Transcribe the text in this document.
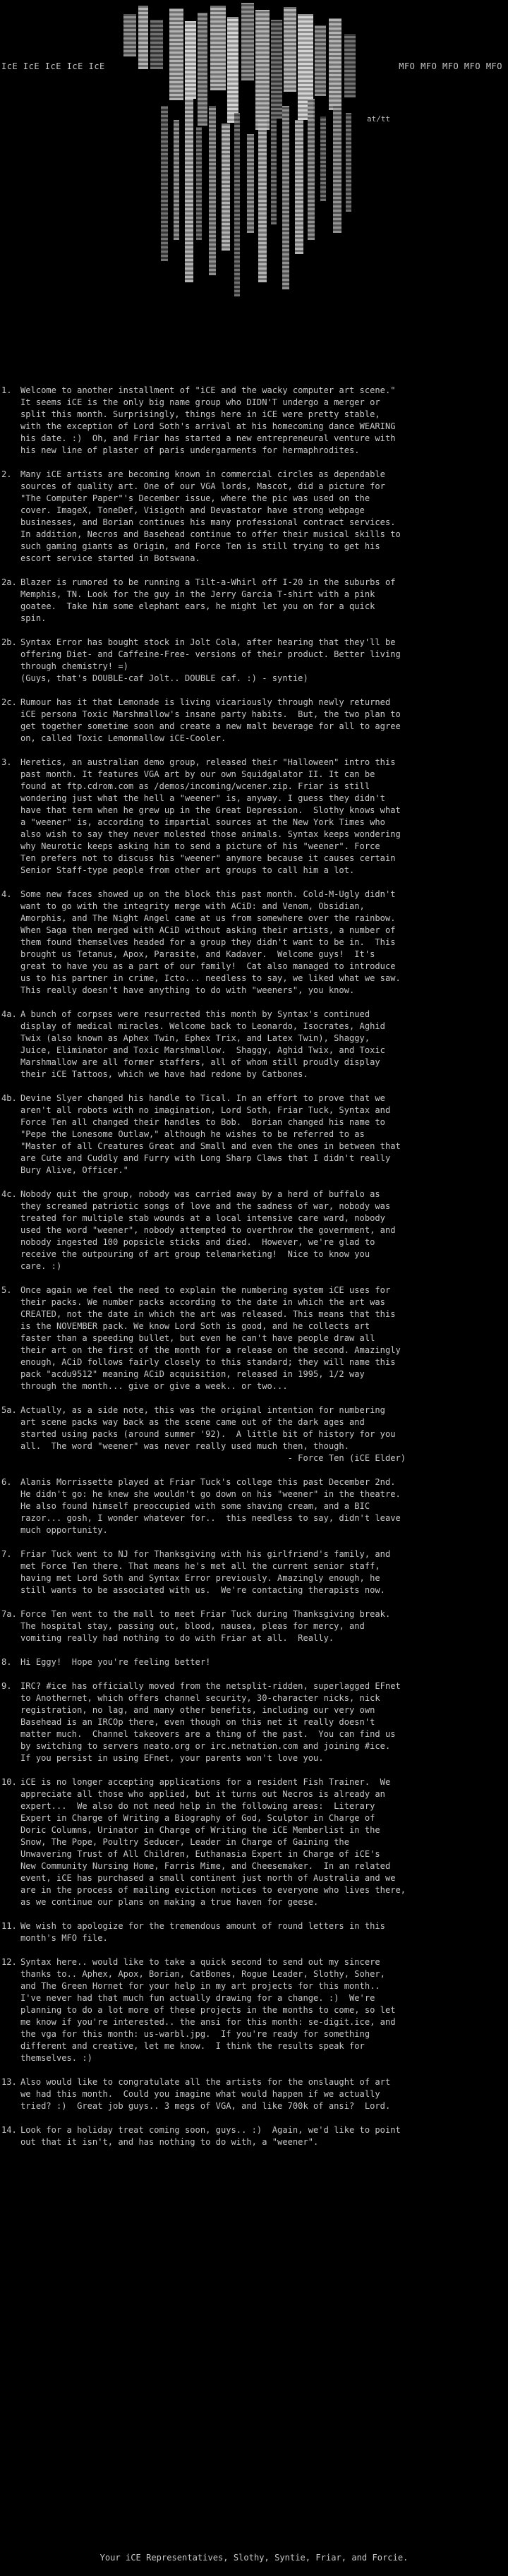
IcE IcE IcE IcE IcE	MFO MFO MFO MFO MFO
at/tt
1.	Welcome to another installment of "iCE and the wacky computer art scene."
It seems iCE is the only big name group who DIDN'T undergo a merger or
split this month. Surprisingly, things here in iCE were pretty stable,
with the exception of Lord Soth's arrival at his homecoming dance WEARING
his date. :)  Oh, and Friar has started a new entrepreneural venture with
his new line of plaster of paris undergarments for hermaphrodites.
2.	Many iCE artists are becoming known in commercial circles as dependable
sources of quality art. One of our VGA lords, Mascot, did a picture for
"The Computer Paper"'s December issue, where the pic was used on the
cover. ImageX, ToneDef, Visigoth and Devastator have strong webpage
businesses, and Borian continues his many professional contract services.
In addition, Necros and Basehead continue to offer their musical skills to
such gaming giants as Origin, and Force Ten is still trying to get his
escort service started in Botswana.
2a. Blazer is rumored to be running a Tilt-a-Whirl off I-20 in the suburbs of
Memphis, TN. Look for the guy in the Jerry Garcia T-shirt with a pink
goatee.  Take him some elephant ears, he might let you on for a quick
spin.
2b. Syntax Error has bought stock in Jolt Cola, after hearing that they'll be
offering Diet- and Caffeine-Free- versions of their product. Better living
through chemistry! =)
(Guys, that's DOUBLE-caf Jolt.. DOUBLE caf. :) - syntie)
2c. Rumour has it that Lemonade is living vicariously through newly returned
iCE persona Toxic Marshmallow's insane party habits.  But, the two plan to
get together sometime soon and create a new malt beverage for all to agree
on, called Toxic Lemonmallow iCE-Cooler.
3.	Heretics, an australian demo group, released their "Halloween" intro this
past month. It features VGA art by our own Squidgalator II. It can be
found at ftp.cdrom.com as /demos/incoming/wcener.zip. Friar is still
wondering just what the hell a "weener" is, anyway. I guess they didn't
have that term when he grew up in the Great Depression.  Slothy knows what
a "weener" is, according to impartial sources at the New York Times who
also wish to say they never molested those animals. Syntax keeps wondering
why Neurotic keeps asking him to send a picture of his "weener". Force
Ten prefers not to discuss his "weener" anymore because it causes certain
Senior Staff-type people from other art groups to call him a lot.
4.	Some new faces showed up on the block this past month. Cold-M-Ugly didn't
want to go with the integrity merge with ACiD: and Venom, Obsidian,
Amorphis, and The Night Angel came at us from somewhere over the rainbow.
When Saga then merged with ACiD without asking their artists, a number of
them found themselves headed for a group they didn't want to be in.  This
brought us Tetanus, Apox, Parasite, and Kadaver.  Welcome guys!  It's
great to have you as a part of our family!  Cat also managed to introduce
us to his partner in crime, Icto... needless to say, we liked what we saw.
This really doesn't have anything to do with "weeners", you know.
4a. A bunch of corpses were resurrected this month by Syntax's continued
display of medical miracles. Welcome back to Leonardo, Isocrates, Aghid
Twix (also known as Aphex Twin, Ephex Trix, and Latex Twin), Shaggy,
Juice, Eliminator and Toxic Marshmallow.  Shaggy, Aghid Twix, and Toxic
Marshmallow are all former staffers, all of whom still proudly display
their iCE Tattoos, which we have had redone by Catbones.
4b. Devine Slyer changed his handle to Tical. In an effort to prove that we
aren't all robots with no imagination, Lord Soth, Friar Tuck, Syntax and
Force Ten all changed their handles to Bob.  Borian changed his name to
"Pepe the Lonesome Outlaw," although he wishes to be referred to as
"Master of all Creatures Great and Small and even the ones in between that
are Cute and Cuddly and Furry with Long Sharp Claws that I didn't really
Bury Alive, Officer."
4c. Nobody quit the group, nobody was carried away by a herd of buffalo as
they screamed patriotic songs of love and the sadness of war, nobody was
treated for multiple stab wounds at a local intensive care ward, nobody
used the word "weener", nobody attempted to overthrow the government, and
nobody ingested 100 popsicle sticks and died.  However, we're glad to
receive the outpouring of art group telemarketing!  Nice to know you
care. :)
5.	Once again we feel the need to explain the numbering system iCE uses for
their packs. We number packs according to the date in which the art was
CREATED, not the date in which the art was released. This means that this
is the NOVEMBER pack. We know Lord Soth is good, and he collects art
faster than a speeding bullet, but even he can't have people draw all
their art on the first of the month for a release on the second. Amazingly
enough, ACiD follows fairly closely to this standard; they will name this
pack "acdu9512" meaning ACiD acquisition, released in 1995, 1/2 way
through the month... give or give a week.. or two...
5a. Actually, as a side note, this was the original intention for numbering
art scene packs way back as the scene came out of the dark ages and
started using packs (around summer '92).  A little bit of history for you
all.  The word "weener" was never really used much then, though.
- Force Ten (iCE Elder)
6.	Alanis Morrissette played at Friar Tuck's college this past December 2nd.
He didn't go: he knew she wouldn't go down on his "weener" in the theatre.
He also found himself preoccupied with some shaving cream, and a BIC
razor... gosh, I wonder whatever for..  this needless to say, didn't leave
much opportunity.
7.	Friar Tuck went to NJ for Thanksgiving with his girlfriend's family, and
met Force Ten there. That means he's met all the current senior staff,
having met Lord Soth and Syntax Error previously. Amazingly enough, he
still wants to be associated with us.  We're contacting therapists now.
7a. Force Ten went to the mall to meet Friar Tuck during Thanksgiving break.
The hospital stay, passing out, blood, nausea, pleas for mercy, and
vomiting really had nothing to do with Friar at all.  Really.
8.	Hi Eggy!  Hope you're feeling better!
9.	IRC? #ice has officially moved from the netsplit-ridden, superlagged EFnet
to Anothernet, which offers channel security, 30-character nicks, nick
registration, no lag, and many other benefits, including our very own
Basehead is an IRCOp there, even though on this net it really doesn't
matter much.  Channel takeovers are a thing of the past.  You can find us
by switching to servers neato.org or irc.netnation.com and joining #ice.
If you persist in using EFnet, your parents won't love you.
10. iCE is no longer accepting applications for a resident Fish Trainer.  We
appreciate all those who applied, but it turns out Necros is already an
expert...  We also do not need help in the following areas:  Literary
Expert in Charge of Writing a Biography of God, Sculptor in Charge of
Doric Columns, Urinator in Charge of Writing the iCE Memberlist in the
Snow, The Pope, Poultry Seducer, Leader in Charge of Gaining the
Unwavering Trust of All Children, Euthanasia Expert in Charge of iCE's
New Community Nursing Home, Farris Mime, and Cheesemaker.  In an related
event, iCE has purchased a small continent just north of Australia and we
are in the process of mailing eviction notices to everyone who lives there,
as we continue our plans on making a true haven for geese.
11. We wish to apologize for the tremendous amount of round letters in this
month's MFO file.
12. Syntax here.. would like to take a quick second to send out my sincere
thanks to.. Aphex, Apox, Borian, CatBones, Rogue Leader, Slothy, Soher,
and The Green Hornet for your help in my art projects for this month..
I've never had that much fun actually drawing for a change. :)  We're
planning to do a lot more of these projects in the months to come, so let
me know if you're interested.. the ansi for this month: se-digit.ice, and
the vga for this month: us-warbl.jpg.  If you're ready for something
different and creative, let me know.  I think the results speak for
themselves. :)
13. Also would like to congratulate all the artists for the onslaught of art
we had this month.  Could you imagine what would happen if we actually
tried? :)  Great job guys.. 3 megs of VGA, and like 700k of ansi?  Lord.
14. Look for a holiday treat coming soon, guys.. :)  Again, we'd like to point
out that it isn't, and has nothing to do with, a "weener".
Your iCE Representatives, Slothy, Syntie, Friar, and Forcie.
